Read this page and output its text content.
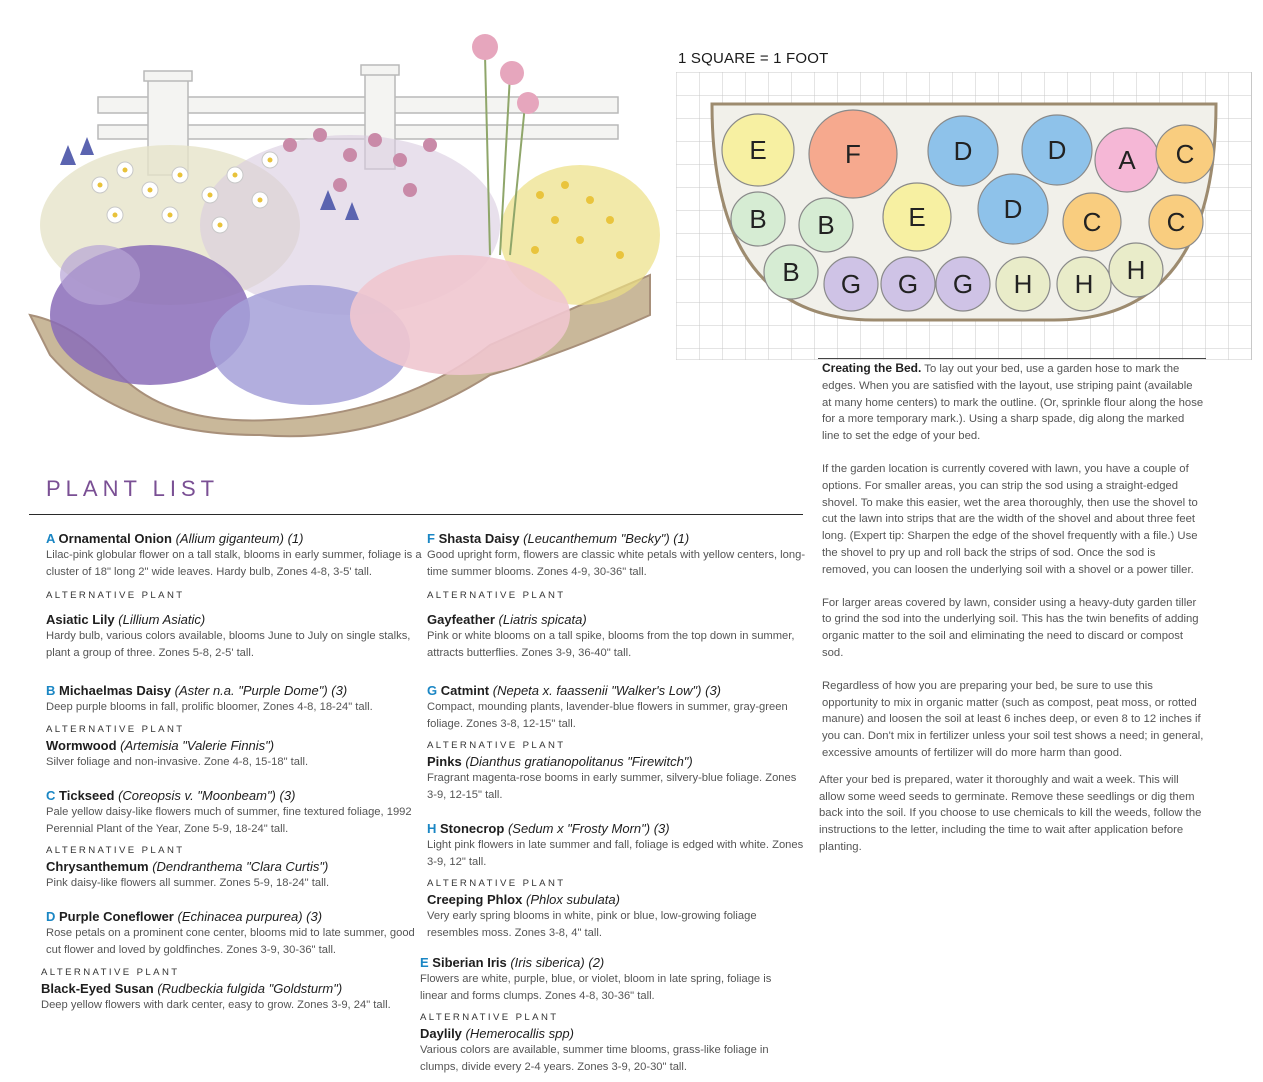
1 SQUARE = 1 FOOT
E	F	D	D A C
B B	E	D C	C
B G G G H H H
PLANT LIST
A Ornamental Onion (Allium giganteum) (1)
Lilac-pink globular flower on a tall stalk, blooms in early summer, foliage is a cluster of 18" long 2" wide leaves. Hardy bulb, Zones 4-8, 3-5' tall.
ALTERNATIVE PLANT
Asiatic Lily (Lillium Asiatic)
Hardy bulb, various colors available, blooms June to July on single stalks, plant a group of three. Zones 5-8, 2-5' tall.
B Michaelmas Daisy (Aster n.a. "Purple Dome") (3)
Deep purple blooms in fall, prolific bloomer, Zones 4-8, 18-24" tall.
ALTERNATIVE PLANT
Wormwood (Artemisia "Valerie Finnis")
Silver foliage and non-invasive. Zone 4-8, 15-18" tall.
C Tickseed (Coreopsis v. "Moonbeam") (3)
Pale yellow daisy-like flowers much of summer, fine textured foliage, 1992 Perennial Plant of the Year, Zone 5-9, 18-24" tall.
ALTERNATIVE PLANT
Chrysanthemum (Dendranthema "Clara Curtis")
Pink daisy-like flowers all summer. Zones 5-9, 18-24" tall.
D Purple Coneflower (Echinacea purpurea) (3)
Rose petals on a prominent cone center, blooms mid to late summer, good cut flower and loved by goldfinches. Zones 3-9, 30-36" tall.
ALTERNATIVE PLANT
Black-Eyed Susan (Rudbeckia fulgida "Goldsturm")
Deep yellow flowers with dark center, easy to grow. Zones 3-9, 24" tall.
F Shasta Daisy (Leucanthemum "Becky") (1)
Good upright form, flowers are classic white petals with yellow centers, long-time summer blooms. Zones 4-9, 30-36" tall.
ALTERNATIVE PLANT
Gayfeather (Liatris spicata)
Pink or white blooms on a tall spike, blooms from the top down in summer, attracts butterflies. Zones 3-9, 36-40" tall.
G Catmint (Nepeta x. faassenii "Walker's Low") (3)
Compact, mounding plants, lavender-blue flowers in summer, gray-green foliage. Zones 3-8, 12-15" tall.
ALTERNATIVE PLANT
Pinks (Dianthus gratianopolitanus "Firewitch")
Fragrant magenta-rose booms in early summer, silvery-blue foliage. Zones 3-9, 12-15" tall.
H Stonecrop (Sedum x "Frosty Morn") (3)
Light pink flowers in late summer and fall, foliage is edged with white. Zones 3-9, 12" tall.
ALTERNATIVE PLANT
Creeping Phlox (Phlox subulata)
Very early spring blooms in white, pink or blue, low-growing foliage resembles moss. Zones 3-8, 4" tall.
E Siberian Iris (Iris siberica) (2)
Flowers are white, purple, blue, or violet, bloom in late spring, foliage is linear and forms clumps. Zones 4-8, 30-36" tall.
ALTERNATIVE PLANT
Daylily (Hemerocallis spp)
Various colors are available, summer time blooms, grass-like foliage in clumps, divide every 2-4 years. Zones 3-9, 20-30" tall.

Creating the Bed. To lay out your bed, use a garden hose to mark the edges. When you are satisfied with the layout, use striping paint (available at many home centers) to mark the outline. (Or, sprinkle flour along the hose for a more temporary mark.). Using a sharp spade, dig along the marked line to set the edge of your bed.

If the garden location is currently covered with lawn, you have a couple of options. For smaller areas, you can strip the sod using a straight-edged shovel. To make this easier, wet the area thoroughly, then use the shovel to cut the lawn into strips that are the width of the shovel and about three feet long. (Expert tip: Sharpen the edge of the shovel frequently with a file.) Use the shovel to pry up and roll back the strips of sod. Once the sod is removed, you can loosen the underlying soil with a shovel or a power tiller.

For larger areas covered by lawn, consider using a heavy-duty garden tiller to grind the sod into the underlying soil. This has the twin benefits of adding organic matter to the soil and eliminating the need to discard or compost sod.

Regardless of how you are preparing your bed, be sure to use this opportunity to mix in organic matter (such as compost, peat moss, or rotted manure) and loosen the soil at least 6 inches deep, or even 8 to 12 inches if you can. Don't mix in fertilizer unless your soil test shows a need; in general, excessive amounts of fertilizer will do more harm than good.

After your bed is prepared, water it thoroughly and wait a week. This will allow some weed seeds to germinate. Remove these seedlings or dig them back into the soil. If you choose to use chemicals to kill the weeds, follow the instructions to the letter, including the time to wait after application before planting.
